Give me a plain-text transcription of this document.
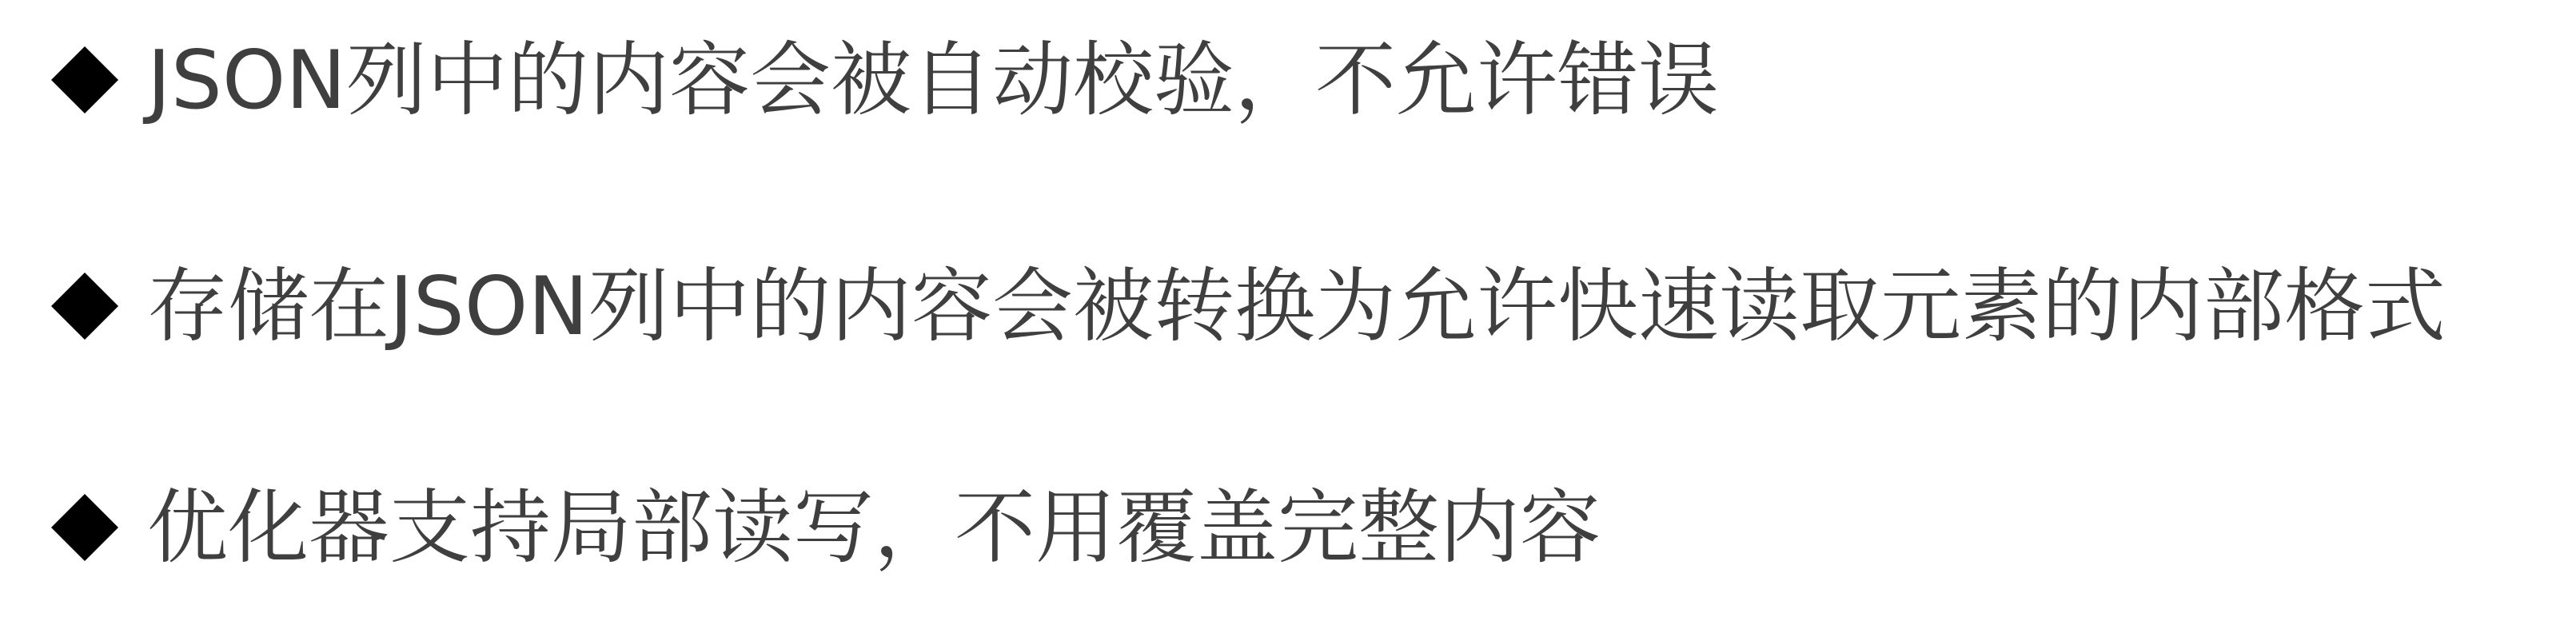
JSON列中的内容会被自动校验，不允许错误
存储在JSON列中的内容会被转换为允许快速读取元素的内部格式
优化器支持局部读写，不用覆盖完整内容
